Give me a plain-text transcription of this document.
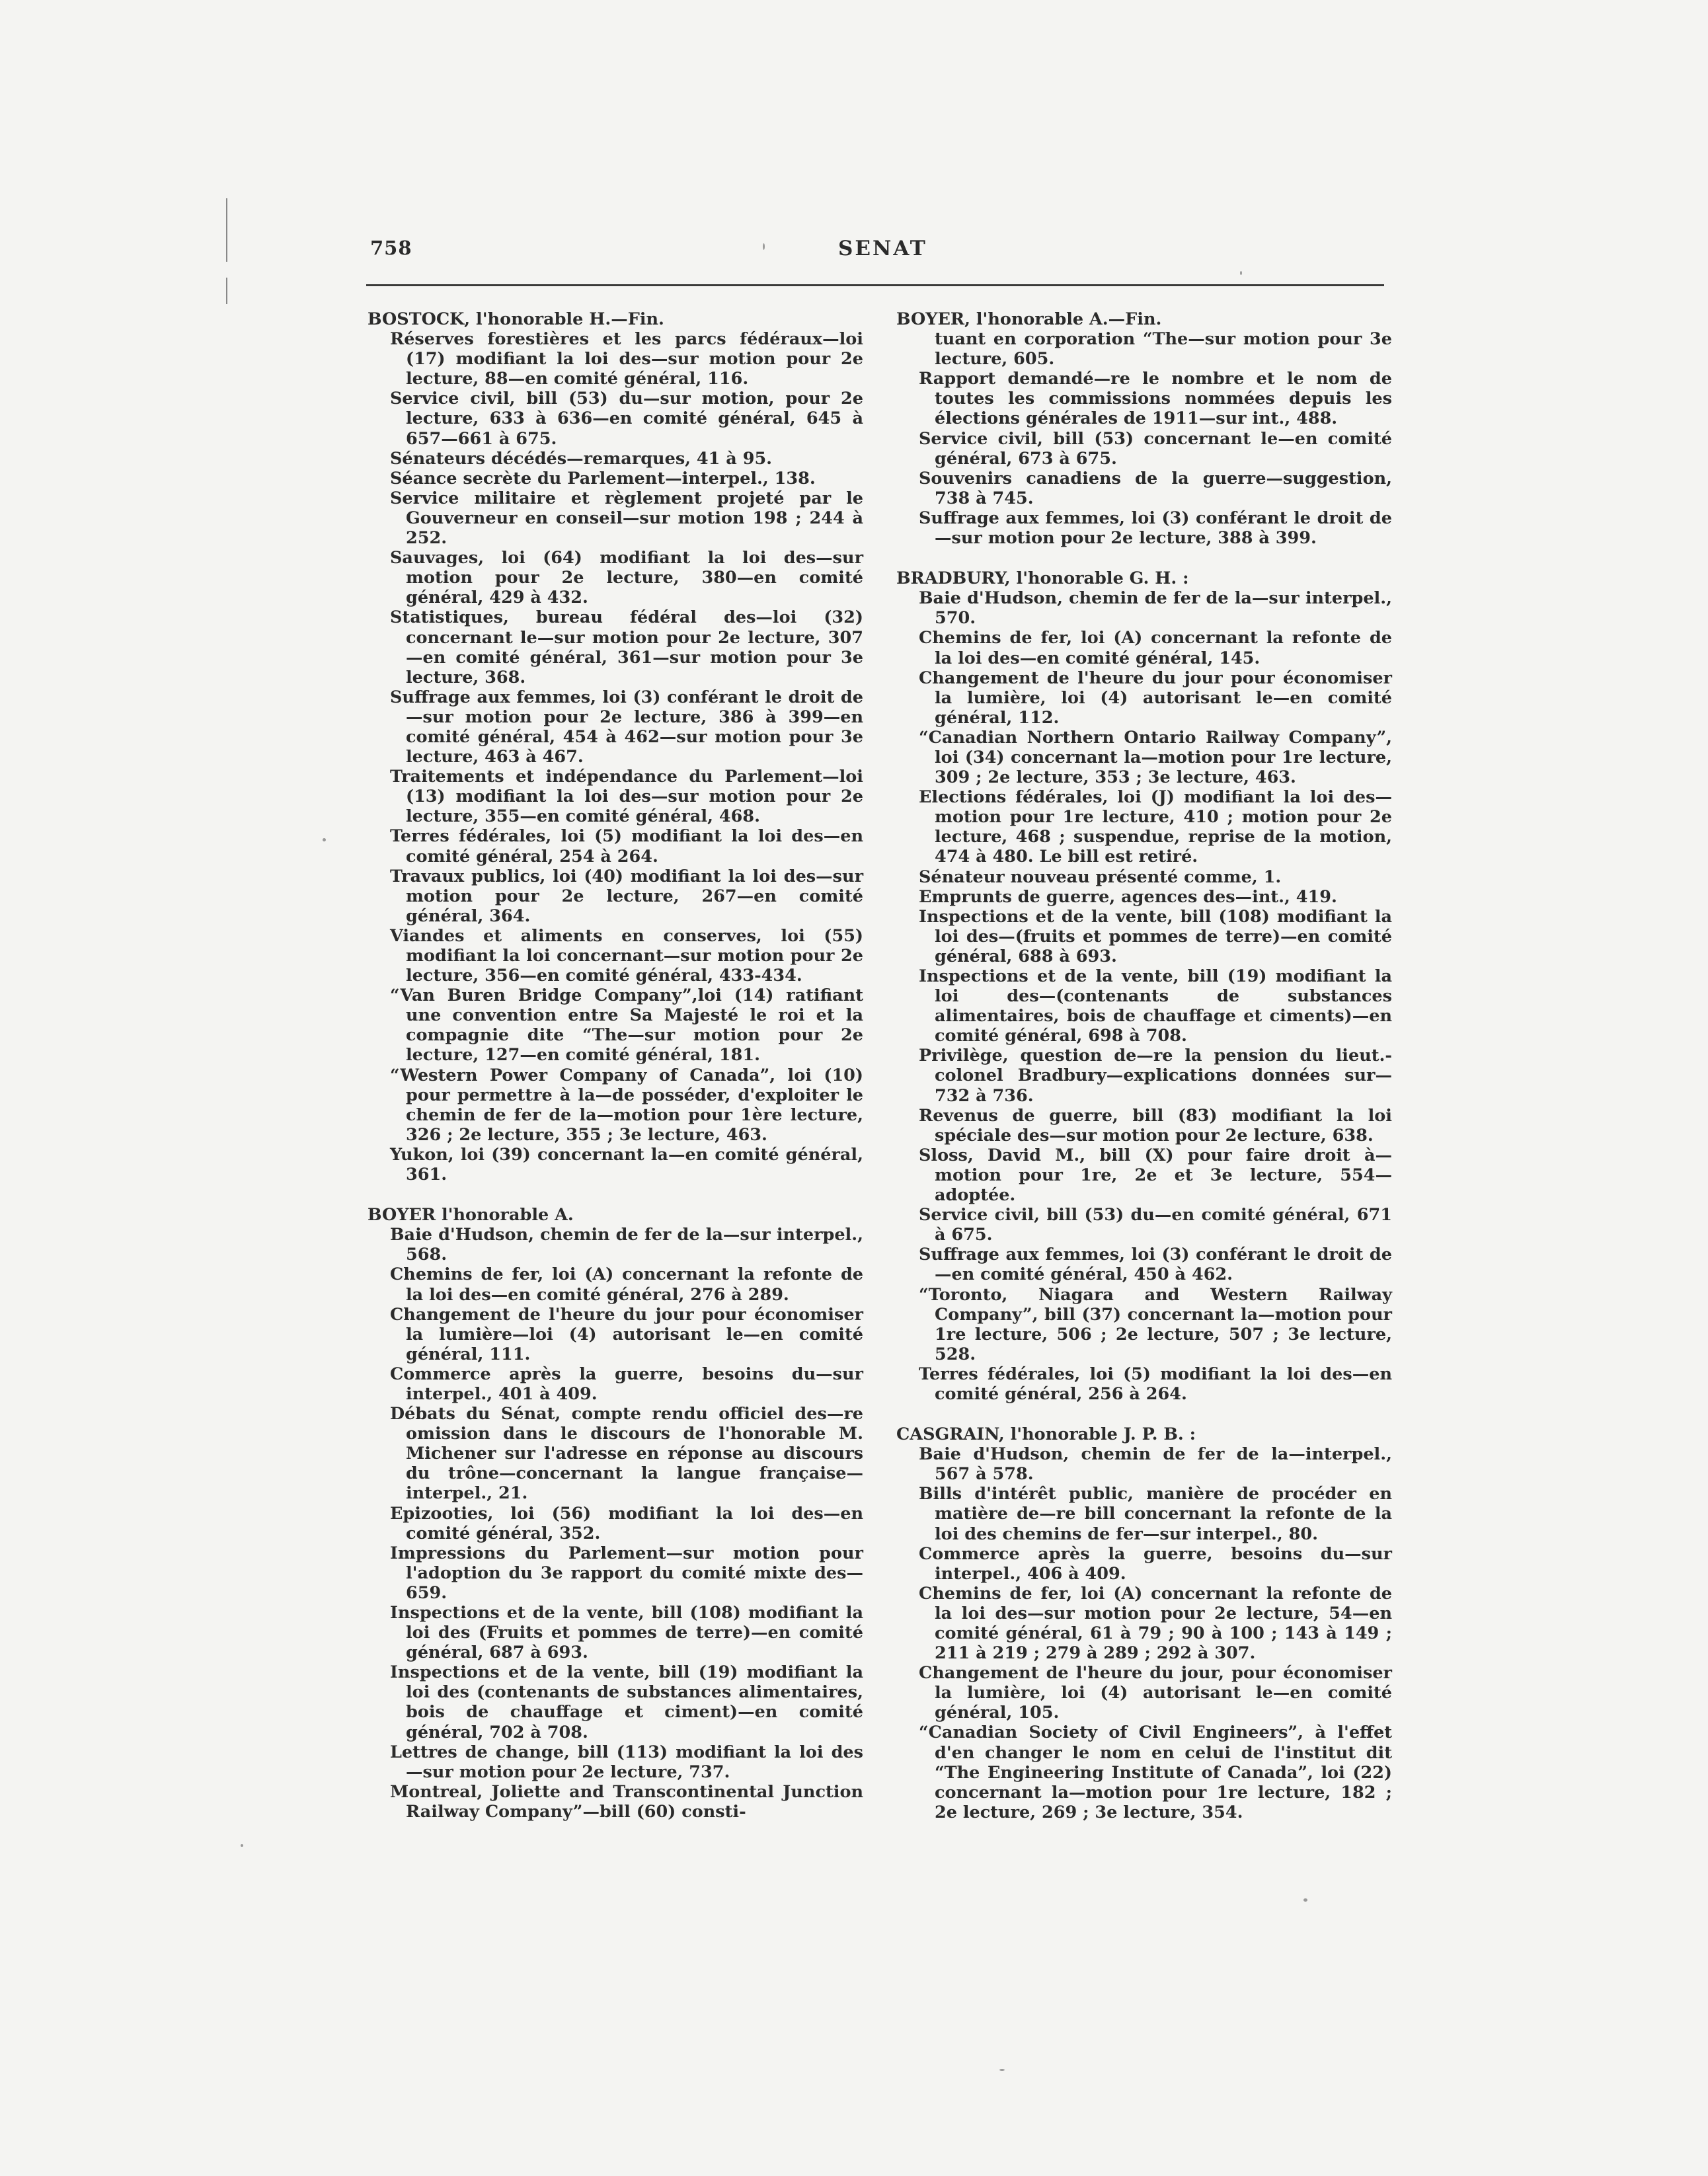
758	SENAT
BOSTOCK, l'honorable H.—Fin.
Réserves forestières et les parcs fédéraux—loi (17) modifiant la loi des—sur motion pour 2e lecture, 88—en comité général, 116.
Service civil, bill (53) du—sur motion, pour 2e lecture, 633 à 636—en comité général, 645 à 657—661 à 675.
Sénateurs décédés—remarques, 41 à 95.
Séance secrète du Parlement—interpel., 138.
Service militaire et règlement projeté par le Gouverneur en conseil—sur motion 198 ; 244 à 252.
Sauvages, loi (64) modifiant la loi des—sur motion pour 2e lecture, 380—en comité général, 429 à 432.
Statistiques, bureau fédéral des—loi (32) concernant le—sur motion pour 2e lecture, 307—en comité général, 361—sur motion pour 3e lecture, 368.
Suffrage aux femmes, loi (3) conférant le droit de—sur motion pour 2e lecture, 386 à 399—en comité général, 454 à 462—sur motion pour 3e lecture, 463 à 467.
Traitements et indépendance du Parlement—loi (13) modifiant la loi des—sur motion pour 2e lecture, 355—en comité général, 468.
Terres fédérales, loi (5) modifiant la loi des—en comité général, 254 à 264.
Travaux publics, loi (40) modifiant la loi des—sur motion pour 2e lecture, 267—en comité général, 364.
Viandes et aliments en conserves, loi (55) modifiant la loi concernant—sur motion pour 2e lecture, 356—en comité général, 433-434.
“Van Buren Bridge Company”,loi (14) ratifiant une convention entre Sa Majesté le roi et la compagnie dite “The—sur motion pour 2e lecture, 127—en comité général, 181.
“Western Power Company of Canada”, loi (10) pour permettre à la—de posséder, d'exploiter le chemin de fer de la—motion pour 1ère lecture, 326 ; 2e lecture, 355 ; 3e lecture, 463.
Yukon, loi (39) concernant la—en comité général, 361.
BOYER l'honorable A.
Baie d'Hudson, chemin de fer de la—sur interpel., 568.
Chemins de fer, loi (A) concernant la refonte de la loi des—en comité général, 276 à 289.
Changement de l'heure du jour pour économiser la lumière—loi (4) autorisant le—en comité général, 111.
Commerce après la guerre, besoins du—sur interpel., 401 à 409.
Débats du Sénat, compte rendu officiel des—re omission dans le discours de l'honorable M. Michener sur l'adresse en réponse au discours du trône—concernant la langue française—interpel., 21.
Epizooties, loi (56) modifiant la loi des—en comité général, 352.
Impressions du Parlement—sur motion pour l'adoption du 3e rapport du comité mixte des—659.
Inspections et de la vente, bill (108) modifiant la loi des (Fruits et pommes de terre)—en comité général, 687 à 693.
Inspections et de la vente, bill (19) modifiant la loi des (contenants de substances alimentaires, bois de chauffage et ciment)—en comité général, 702 à 708.
Lettres de change, bill (113) modifiant la loi des—sur motion pour 2e lecture, 737.
Montreal, Joliette and Transcontinental Junction Railway Company”—bill (60) consti-
BOYER, l'honorable A.—Fin.
tuant en corporation “The—sur motion pour 3e lecture, 605.
Rapport demandé—re le nombre et le nom de toutes les commissions nommées depuis les élections générales de 1911—sur int., 488.
Service civil, bill (53) concernant le—en comité général, 673 à 675.
Souvenirs canadiens de la guerre—suggestion, 738 à 745.
Suffrage aux femmes, loi (3) conférant le droit de—sur motion pour 2e lecture, 388 à 399.
BRADBURY, l'honorable G. H. :
Baie d'Hudson, chemin de fer de la—sur interpel., 570.
Chemins de fer, loi (A) concernant la refonte de la loi des—en comité général, 145.
Changement de l'heure du jour pour économiser la lumière, loi (4) autorisant le—en comité général, 112.
“Canadian Northern Ontario Railway Company”, loi (34) concernant la—motion pour 1re lecture, 309 ; 2e lecture, 353 ; 3e lecture, 463.
Elections fédérales, loi (J) modifiant la loi des—motion pour 1re lecture, 410 ; motion pour 2e lecture, 468 ; suspendue, reprise de la motion, 474 à 480. Le bill est retiré.
Sénateur nouveau présenté comme, 1.
Emprunts de guerre, agences des—int., 419.
Inspections et de la vente, bill (108) modifiant la loi des—(fruits et pommes de terre)—en comité général, 688 à 693.
Inspections et de la vente, bill (19) modifiant la loi des—(contenants de substances alimentaires, bois de chauffage et ciments)—en comité général, 698 à 708.
Privilège, question de—re la pension du lieut.-colonel Bradbury—explications données sur—732 à 736.
Revenus de guerre, bill (83) modifiant la loi spéciale des—sur motion pour 2e lecture, 638.
Sloss, David M., bill (X) pour faire droit à—motion pour 1re, 2e et 3e lecture, 554—adoptée.
Service civil, bill (53) du—en comité général, 671 à 675.
Suffrage aux femmes, loi (3) conférant le droit de—en comité général, 450 à 462.
“Toronto, Niagara and Western Railway Company”, bill (37) concernant la—motion pour 1re lecture, 506 ; 2e lecture, 507 ; 3e lecture, 528.
Terres fédérales, loi (5) modifiant la loi des—en comité général, 256 à 264.
CASGRAIN, l'honorable J. P. B. :
Baie d'Hudson, chemin de fer de la—interpel., 567 à 578.
Bills d'intérêt public, manière de procéder en matière de—re bill concernant la refonte de la loi des chemins de fer—sur interpel., 80.
Commerce après la guerre, besoins du—sur interpel., 406 à 409.
Chemins de fer, loi (A) concernant la refonte de la loi des—sur motion pour 2e lecture, 54—en comité général, 61 à 79 ; 90 à 100 ; 143 à 149 ; 211 à 219 ; 279 à 289 ; 292 à 307.
Changement de l'heure du jour, pour économiser la lumière, loi (4) autorisant le—en comité général, 105.
“Canadian Society of Civil Engineers”, à l'effet d'en changer le nom en celui de l'institut dit “The Engineering Institute of Canada”, loi (22) concernant la—motion pour 1re lecture, 182 ; 2e lecture, 269 ; 3e lecture, 354.
